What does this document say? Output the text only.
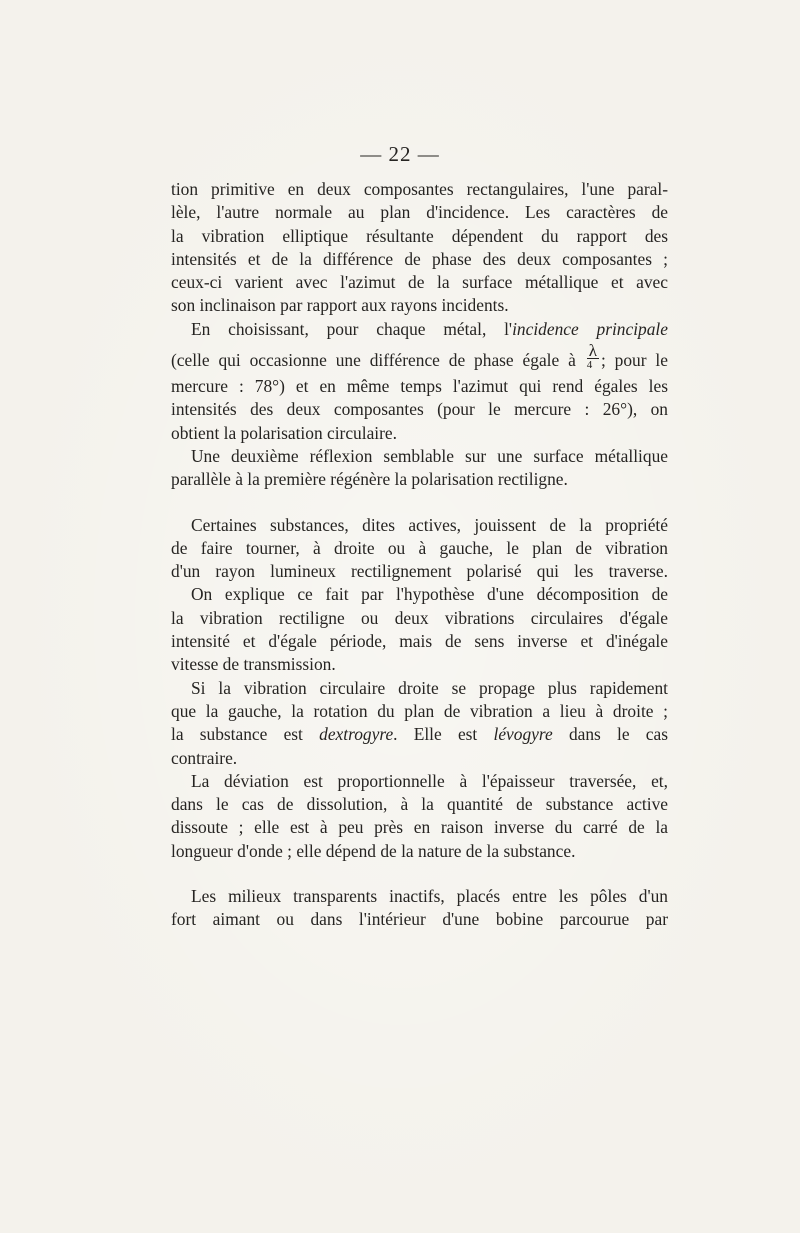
— 22 —
tion primitive en deux composantes rectangulaires, l'une paral-
lèle, l'autre normale au plan d'incidence. Les caractères de
la vibration elliptique résultante dépendent du rapport des
intensités et de la différence de phase des deux composantes ;
ceux-ci varient avec l'azimut de la surface métallique et avec
son inclinaison par rapport aux rayons incidents.
En choisissant, pour chaque métal, l'incidence principale
(celle qui occasionne une différence de phase égale à $\frac{\lambda}{4}$ ; pour le
mercure : 78°) et en même temps l'azimut qui rend égales les
intensités des deux composantes (pour le mercure : 26°), on
obtient la polarisation circulaire.
Une deuxième réflexion semblable sur une surface métallique
parallèle à la première régénère la polarisation rectiligne.
Certaines substances, dites actives, jouissent de la propriété
de faire tourner, à droite ou à gauche, le plan de vibration
d'un rayon lumineux rectilignement polarisé qui les traverse.
On explique ce fait par l'hypothèse d'une décomposition de
la vibration rectiligne ou deux vibrations circulaires d'égale
intensité et d'égale période, mais de sens inverse et d'inégale
vitesse de transmission.
Si la vibration circulaire droite se propage plus rapidement
que la gauche, la rotation du plan de vibration a lieu à droite ;
la substance est dextrogyre. Elle est lévogyre dans le cas
contraire.
La déviation est proportionnelle à l'épaisseur traversée, et,
dans le cas de dissolution, à la quantité de substance active
dissoute ; elle est à peu près en raison inverse du carré de la
longueur d'onde ; elle dépend de la nature de la substance.
Les milieux transparents inactifs, placés entre les pôles d'un
fort aimant ou dans l'intérieur d'une bobine parcourue par
